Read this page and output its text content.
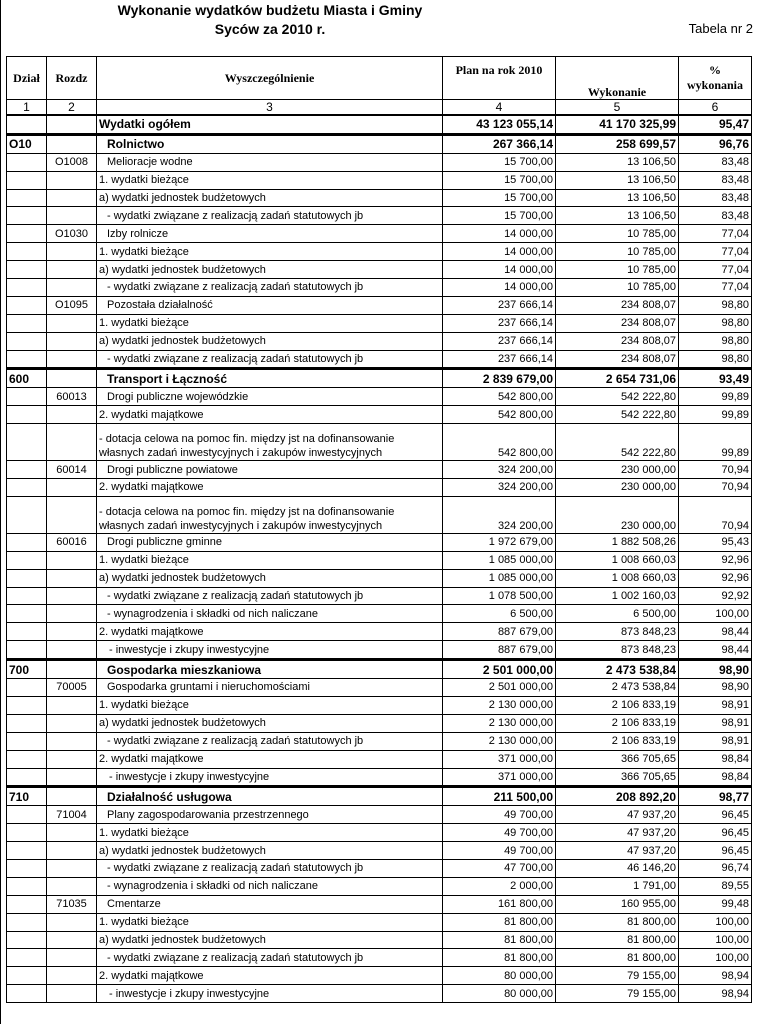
Wykonanie wydatków budżetu Miasta i Gminy
Syców za 2010 r.	Tabela nr 2
Dział	Rozdz	Wyszczególnienie	Plan na rok 2010	Wykonanie	% wykonania
1	2	3	4	5	6
		Wydatki ogółem	43 123 055,14	41 170 325,99	95,47
O10		Rolnictwo	267 366,14	258 699,57	96,76
	O1008	Melioracje wodne	15 700,00	13 106,50	83,48
		1. wydatki bieżące	15 700,00	13 106,50	83,48
		a) wydatki jednostek budżetowych	15 700,00	13 106,50	83,48
		- wydatki związane z realizacją zadań statutowych jb	15 700,00	13 106,50	83,48
	O1030	Izby rolnicze	14 000,00	10 785,00	77,04
		1. wydatki bieżące	14 000,00	10 785,00	77,04
		a) wydatki jednostek budżetowych	14 000,00	10 785,00	77,04
		- wydatki związane z realizacją zadań statutowych jb	14 000,00	10 785,00	77,04
	O1095	Pozostała działalność	237 666,14	234 808,07	98,80
		1. wydatki bieżące	237 666,14	234 808,07	98,80
		a) wydatki jednostek budżetowych	237 666,14	234 808,07	98,80
		- wydatki związane z realizacją zadań statutowych jb	237 666,14	234 808,07	98,80
600		Transport i Łączność	2 839 679,00	2 654 731,06	93,49
	60013	Drogi publiczne wojewódzkie	542 800,00	542 222,80	99,89
		2. wydatki majątkowe	542 800,00	542 222,80	99,89
		- dotacja celowa na pomoc fin. między jst na dofinansowanie własnych zadań inwestycyjnych i zakupów inwestycyjnych	542 800,00	542 222,80	99,89
	60014	Drogi publiczne powiatowe	324 200,00	230 000,00	70,94
		2. wydatki majątkowe	324 200,00	230 000,00	70,94
		- dotacja celowa na pomoc fin. między jst na dofinansowanie własnych zadań inwestycyjnych i zakupów inwestycyjnych	324 200,00	230 000,00	70,94
	60016	Drogi publiczne gminne	1 972 679,00	1 882 508,26	95,43
		1. wydatki bieżące	1 085 000,00	1 008 660,03	92,96
		a) wydatki jednostek budżetowych	1 085 000,00	1 008 660,03	92,96
		- wydatki związane z realizacją zadań statutowych jb	1 078 500,00	1 002 160,03	92,92
		- wynagrodzenia i składki od nich naliczane	6 500,00	6 500,00	100,00
		2. wydatki majątkowe	887 679,00	873 848,23	98,44
		- inwestycje i zkupy inwestycyjne	887 679,00	873 848,23	98,44
700		Gospodarka mieszkaniowa	2 501 000,00	2 473 538,84	98,90
	70005	Gospodarka gruntami i nieruchomościami	2 501 000,00	2 473 538,84	98,90
		1. wydatki bieżące	2 130 000,00	2 106 833,19	98,91
		a) wydatki jednostek budżetowych	2 130 000,00	2 106 833,19	98,91
		- wydatki związane z realizacją zadań statutowych jb	2 130 000,00	2 106 833,19	98,91
		2. wydatki majątkowe	371 000,00	366 705,65	98,84
		- inwestycje i zkupy inwestycyjne	371 000,00	366 705,65	98,84
710		Działalność usługowa	211 500,00	208 892,20	98,77
	71004	Plany zagospodarowania przestrzennego	49 700,00	47 937,20	96,45
		1. wydatki bieżące	49 700,00	47 937,20	96,45
		a) wydatki jednostek budżetowych	49 700,00	47 937,20	96,45
		- wydatki związane z realizacją zadań statutowych jb	47 700,00	46 146,20	96,74
		- wynagrodzenia i składki od nich naliczane	2 000,00	1 791,00	89,55
	71035	Cmentarze	161 800,00	160 955,00	99,48
		1. wydatki bieżące	81 800,00	81 800,00	100,00
		a) wydatki jednostek budżetowych	81 800,00	81 800,00	100,00
		- wydatki związane z realizacją zadań statutowych jb	81 800,00	81 800,00	100,00
		2. wydatki majątkowe	80 000,00	79 155,00	98,94
		- inwestycje i zkupy inwestycyjne	80 000,00	79 155,00	98,94
